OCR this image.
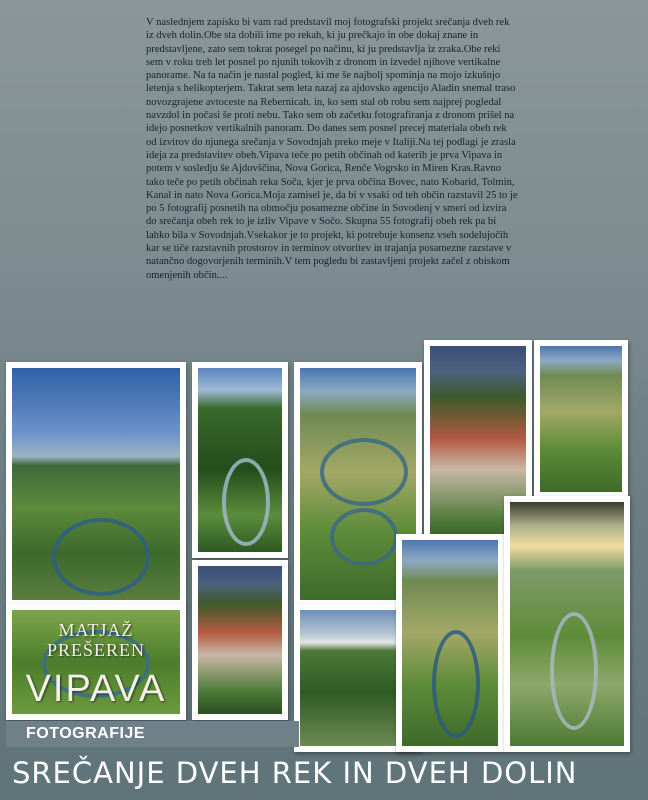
V naslednjem zapisku bi vam rad predstavil moj fotografski projekt srečanja dveh rek iz dveh dolin.Obe sta dobili ime po rekah, ki ju prečkajo in obe dokaj znane in predstavljene, zato sem tokrat posegel po načinu, ki ju predstavlja iz zraka.Obe reki sem v roku treh let posnel po njunih tokovih z dronom in izvedel njihove vertikalne panorame. Na ta način je nastal pogled, ki me še najbolj spominja na mojo izkušnjo letenja s helikopterjem. Takrat sem leta nazaj za ajdovsko agencijo Aladin snemal traso novozgrajene avtoceste na Rebernicah. in, ko sem stal ob robu sem najprej pogledal navzdol in počasi še proti nebu. Tako sem ob začetku fotografiranja z dronom prišel na idejo posnetkov vertikalnih panoram. Do danes sem posnel precej materiala obeh rek od izvirov do njunega srečanja v Sovodnjah preko meje v Italiji.Na tej podlagi je zrasla ideja za predstavitev obeh.Vipava teče po petih občinah od katerih je prva Vipava in potem v sosledju še Ajdovščina, Nova Gorica, Renče Vogrsko in Miren Kras.Ravno tako teče po petih občinah reka Soča, kjer je prva občina Bovec, nato Kobarid, Tolmin, Kanal in nato Nova Gorica.Moja zamisel je, da bi v vsaki od teh občin razstavil 25 to je po 5 fotografij posnetih na območju posamezne občine in Sovodenj v smeri od izvira do srečanja obeh rek to je izliv Vipave v Sočo. Skupna 55 fotografij obeh rek pa bi lahko bila v Sovodnjah.Vsekakor je to projekt, ki potrebuje konsenz vseh sodelujočih kar se tiče razstavnih prostorov in terminov otvoritev in trajanja posamezne razstave v natančno dogovorjenih terminih.V tem pogledu bi zastavljeni projekt začel z obiskom omenjenih občin....

MATJAŽ
PREŠEREN
VIPAVA
FOTOGRAFIJE
SREČANJE DVEH REK IN DVEH DOLIN
